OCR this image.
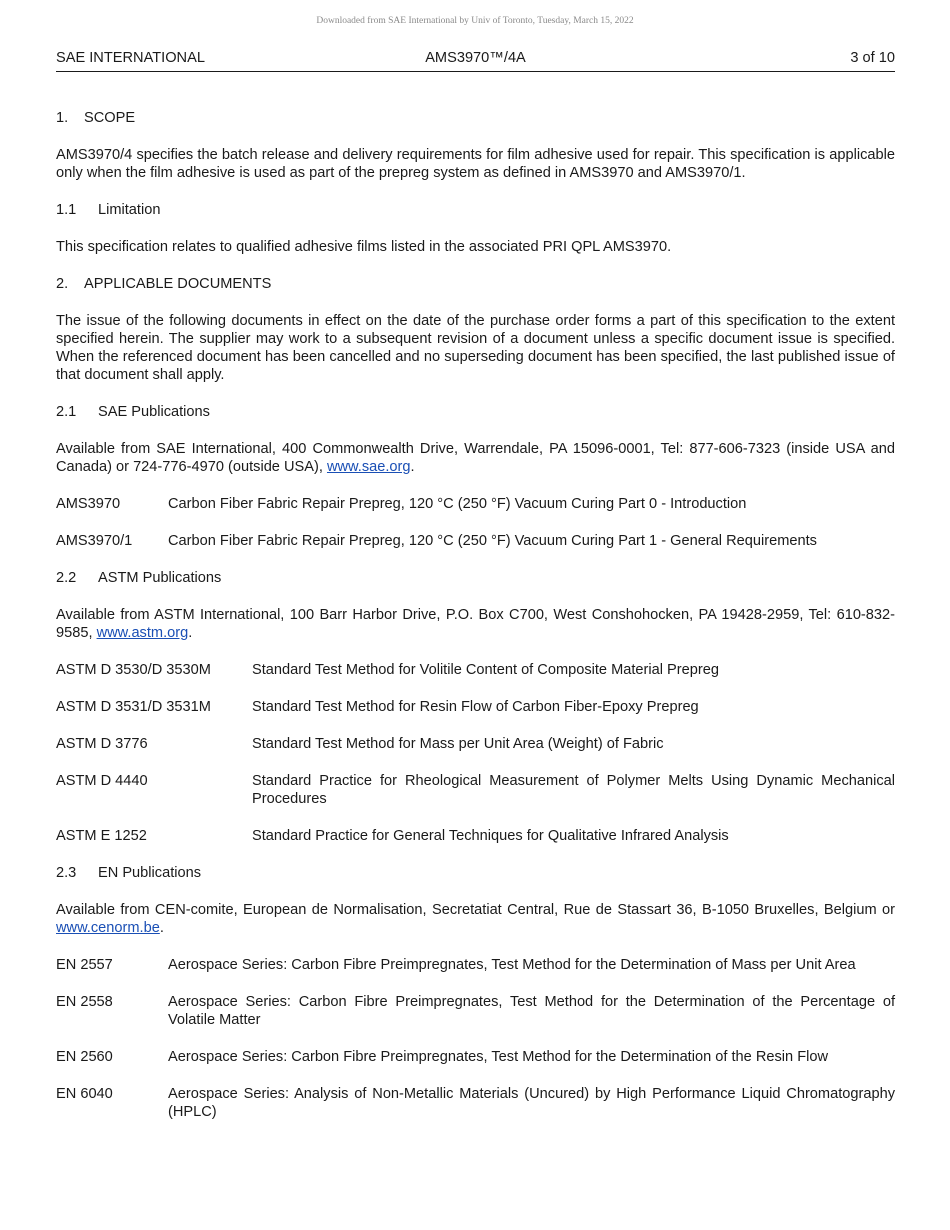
Downloaded from SAE International by Univ of Toronto, Tuesday, March 15, 2022
SAE INTERNATIONAL	AMS3970™/4A	3 of 10
1. SCOPE

AMS3970/4 specifies the batch release and delivery requirements for film adhesive used for repair. This specification is applicable only when the film adhesive is used as part of the prepreg system as defined in AMS3970 and AMS3970/1.

1.1 Limitation

This specification relates to qualified adhesive films listed in the associated PRI QPL AMS3970.

2. APPLICABLE DOCUMENTS

The issue of the following documents in effect on the date of the purchase order forms a part of this specification to the extent specified herein. The supplier may work to a subsequent revision of a document unless a specific document issue is specified. When the referenced document has been cancelled and no superseding document has been specified, the last published issue of that document shall apply.

2.1 SAE Publications

Available from SAE International, 400 Commonwealth Drive, Warrendale, PA 15096-0001, Tel: 877-606-7323 (inside USA and Canada) or 724-776-4970 (outside USA), www.sae.org.

AMS3970	Carbon Fiber Fabric Repair Prepreg, 120 °C (250 °F) Vacuum Curing Part 0 - Introduction
AMS3970/1	Carbon Fiber Fabric Repair Prepreg, 120 °C (250 °F) Vacuum Curing Part 1 - General Requirements
2.2 ASTM Publications

Available from ASTM International, 100 Barr Harbor Drive, P.O. Box C700, West Conshohocken, PA 19428-2959, Tel: 610-832-9585, www.astm.org.

ASTM D 3530/D 3530M	Standard Test Method for Volitile Content of Composite Material Prepreg
ASTM D 3531/D 3531M	Standard Test Method for Resin Flow of Carbon Fiber-Epoxy Prepreg
ASTM D 3776	Standard Test Method for Mass per Unit Area (Weight) of Fabric
ASTM D 4440	Standard Practice for Rheological Measurement of Polymer Melts Using Dynamic Mechanical Procedures
ASTM E 1252	Standard Practice for General Techniques for Qualitative Infrared Analysis
2.3 EN Publications

Available from CEN-comite, European de Normalisation, Secretatiat Central, Rue de Stassart 36, B-1050 Bruxelles, Belgium or www.cenorm.be.

EN 2557	Aerospace Series: Carbon Fibre Preimpregnates, Test Method for the Determination of Mass per Unit Area
EN 2558	Aerospace Series: Carbon Fibre Preimpregnates, Test Method for the Determination of the Percentage of Volatile Matter
EN 2560	Aerospace Series: Carbon Fibre Preimpregnates, Test Method for the Determination of the Resin Flow
EN 6040	Aerospace Series: Analysis of Non-Metallic Materials (Uncured) by High Performance Liquid Chromatography (HPLC)
